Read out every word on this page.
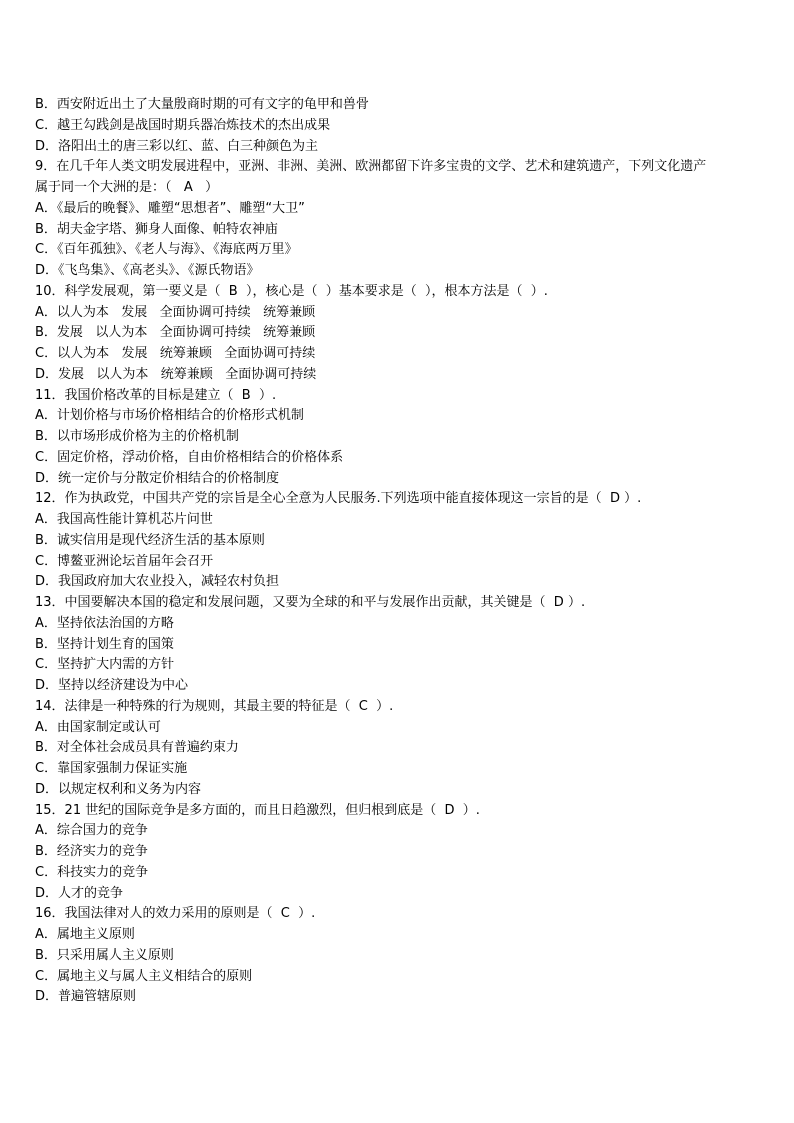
B．西安附近出土了大量殷商时期的可有文字的龟甲和兽骨
C．越王勾践剑是战国时期兵器冶炼技术的杰出成果
D．洛阳出土的唐三彩以红、蓝、白三种颜色为主
9．在几千年人类文明发展进程中，亚洲、非洲、美洲、欧洲都留下许多宝贵的文学、艺术和建筑遗产，下列文化遗产
属于同一个大洲的是：（   A   ）
A．《最后的晚餐》、雕塑“思想者”、雕塑“大卫”
B．胡夫金字塔、狮身人面像、帕特农神庙
C．《百年孤独》、《老人与海》、《海底两万里》
D．《飞鸟集》、《高老头》、《源氏物语》
10．科学发展观，第一要义是（  B  ），核心是（  ）基本要求是（  ），根本方法是（  ）.
A．以人为本   发展   全面协调可持续   统筹兼顾
B．发展   以人为本   全面协调可持续   统筹兼顾
C．以人为本   发展   统筹兼顾   全面协调可持续
D．发展   以人为本   统筹兼顾   全面协调可持续
11．我国价格改革的目标是建立（  B  ）.
A．计划价格与市场价格相结合的价格形式机制
B．以市场形成价格为主的价格机制
C．固定价格，浮动价格，自由价格相结合的价格体系
D．统一定价与分散定价相结合的价格制度
12．作为执政党，中国共产党的宗旨是全心全意为人民服务.下列选项中能直接体现这一宗旨的是（  D ）.
A．我国高性能计算机芯片问世
B．诚实信用是现代经济生活的基本原则
C．博鳌亚洲论坛首届年会召开
D．我国政府加大农业投入，减轻农村负担
13．中国要解决本国的稳定和发展问题，又要为全球的和平与发展作出贡献，其关键是（  D ）.
A．坚持依法治国的方略
B．坚持计划生育的国策
C．坚持扩大内需的方针
D．坚持以经济建设为中心
14．法律是一种特殊的行为规则，其最主要的特征是（  C  ）.
A．由国家制定或认可
B．对全体社会成员具有普遍约束力
C．靠国家强制力保证实施
D．以规定权利和义务为内容
15．21 世纪的国际竞争是多方面的，而且日趋激烈，但归根到底是（  D  ）.
A．综合国力的竞争
B．经济实力的竞争
C．科技实力的竞争
D．人才的竞争
16．我国法律对人的效力采用的原则是（  C  ）.
A．属地主义原则
B．只采用属人主义原则
C．属地主义与属人主义相结合的原则
D．普遍管辖原则
